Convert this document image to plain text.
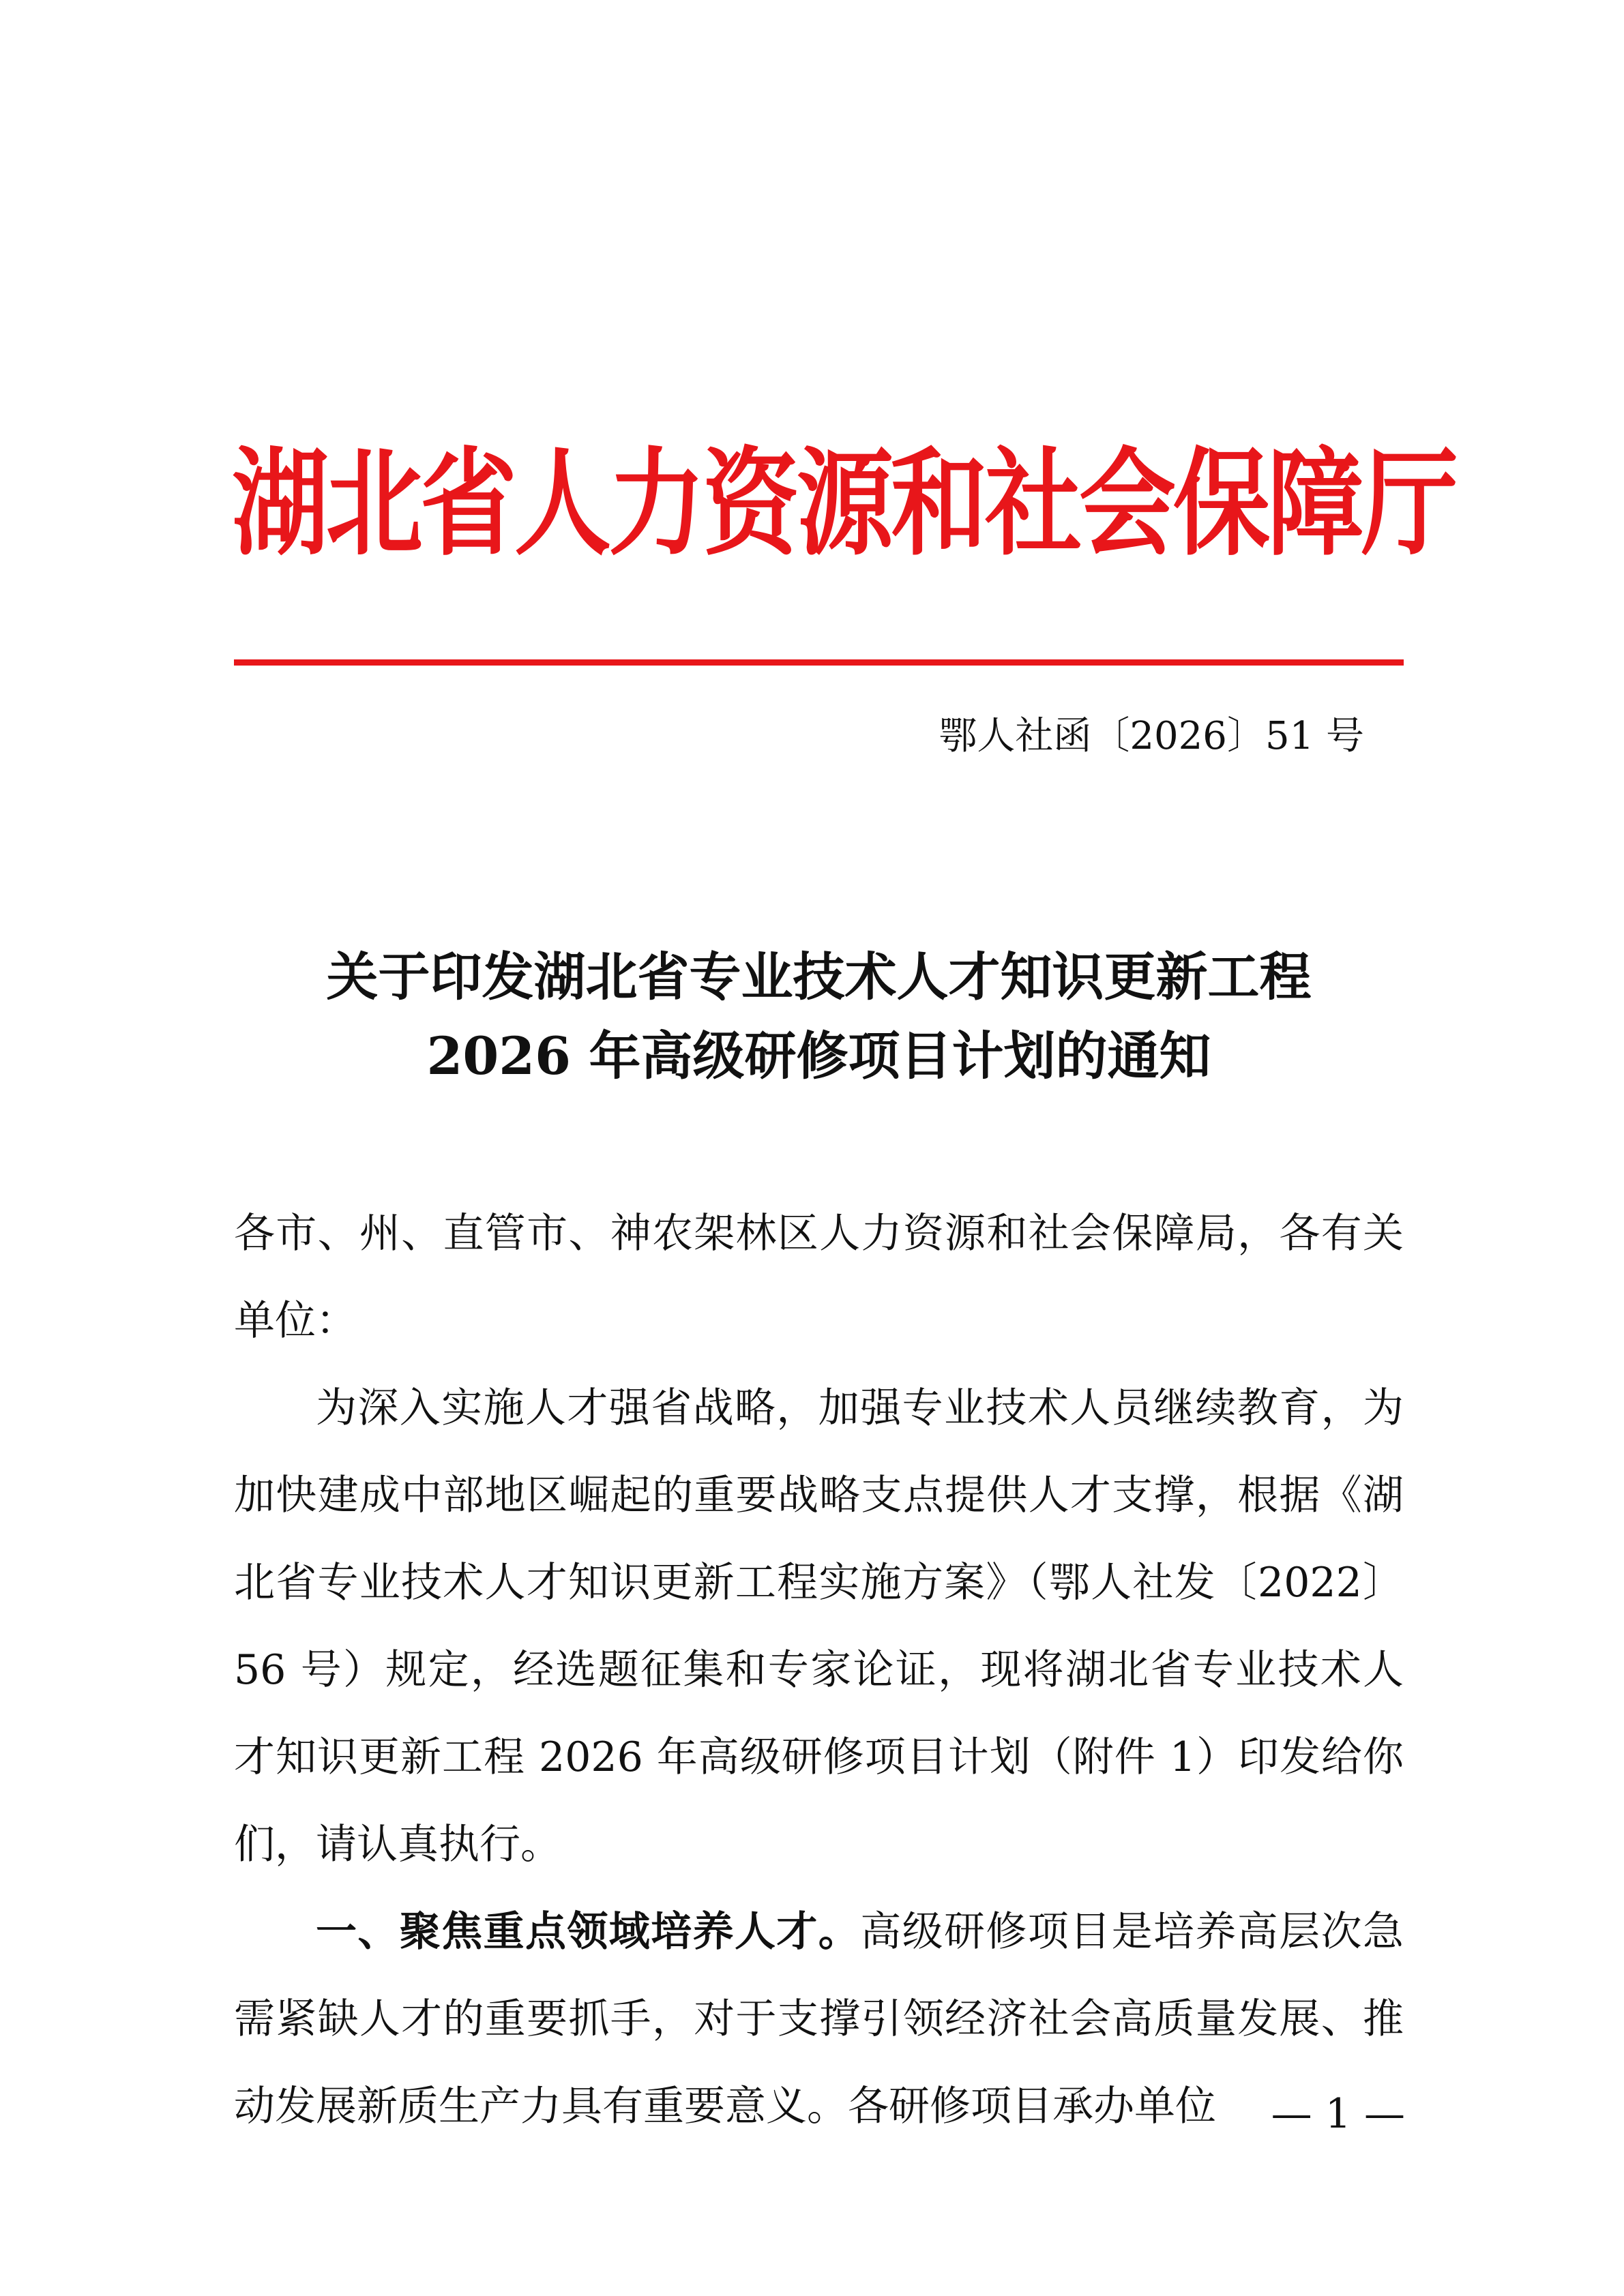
湖北省人力资源和社会保障厅
鄂人社函〔2026〕51 号
关于印发湖北省专业技术人才知识更新工程
2026 年高级研修项目计划的通知

各市、州、直管市、神农架林区人力资源和社会保障局，各有关单位：

为深入实施人才强省战略，加强专业技术人员继续教育，为加快建成中部地区崛起的重要战略支点提供人才支撑，根据《湖北省专业技术人才知识更新工程实施方案》（鄂人社发〔2022〕56 号）规定，经选题征集和专家论证，现将湖北省专业技术人才知识更新工程 2026 年高级研修项目计划（附件 1）印发给你们，请认真执行。

一、聚焦重点领域培养人才。高级研修项目是培养高层次急需紧缺人才的重要抓手，对于支撑引领经济社会高质量发展、推动发展新质生产力具有重要意义。各研修项目承办单位	— 1 —
